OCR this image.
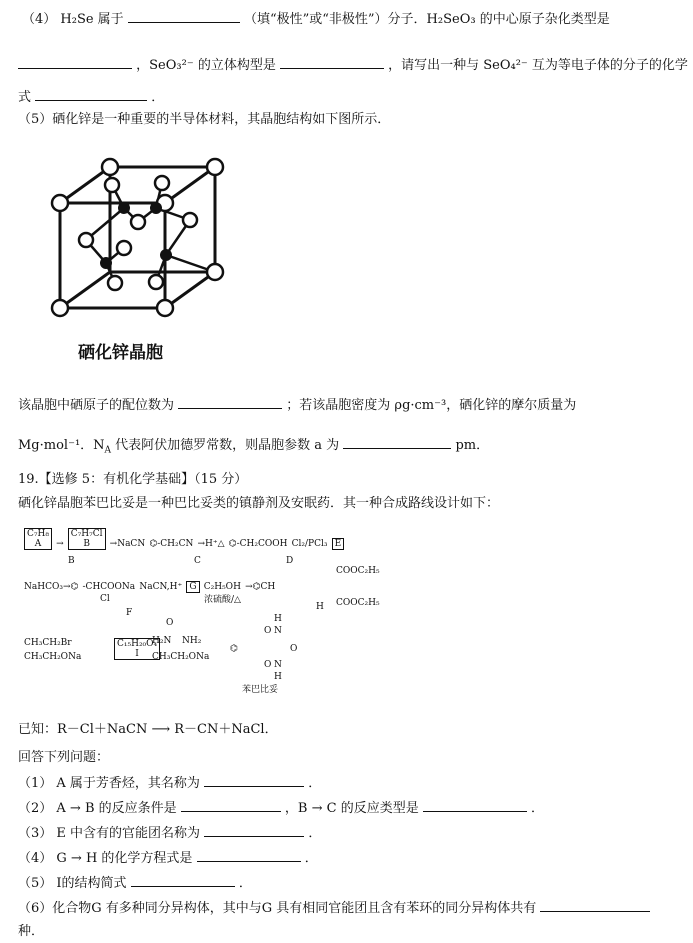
（4） H₂Se 属于	（填“极性”或“非极性”）分子．H₂SeO₃ 的中心原子杂化类型是
，SeO₃²⁻ 的立体构型是	，请写出一种与 SeO₄²⁻ 互为等电子体的分子的化学
式	．
（5）硒化锌是一种重要的半导体材料，其晶胞结构如下图所示．
硒化锌晶胞
该晶胞中硒原子的配位数为	；若该晶胞密度为 ρg·cm⁻³，硒化锌的摩尔质量为
Mg·mol⁻¹．$N_A$ 代表阿伏加德罗常数，则晶胞参数 a 为	pm．
19.【选修 5：有机化学基础】（15 分）
硒化锌晶胞苯巴比妥是一种巴比妥类的镇静剂及安眠药．其一种合成路线设计如下：
C₇H₈
A → C₇H₇Cl
B →NaCN ⌬-CH₂CN →H⁺△ ⌬-CH₂COOH Cl₂/PCl₃ E
B	C	D
NaHCO₃→⌬ -CHCOONa NaCN,H⁺ G C₂H₅OH →⌬CH
Cl
F
浓硫酸/△
COOC₂H₅
COOC₂H₅
H
CH₃CH₂Br
CH₃CH₂ONa
C₁₅H₂₀O₄
I
O
H₂N NH₂
CH₃CH₂ONa
⌬
H
O N
O
N
O
H
苯巴比妥
已知：R－Cl＋NaCN ⟶ R－CN＋NaCl．
回答下列问题：
（1） A 属于芳香烃，其名称为	．
（2） A → B 的反应条件是	，B → C 的反应类型是	．
（3） E 中含有的官能团名称为	．
（4） G → H 的化学方程式是	．
（5） I的结构简式	．
（6）化合物G 有多种同分异构体，其中与G 具有相同官能团且含有苯环的同分异构体共有
种．
